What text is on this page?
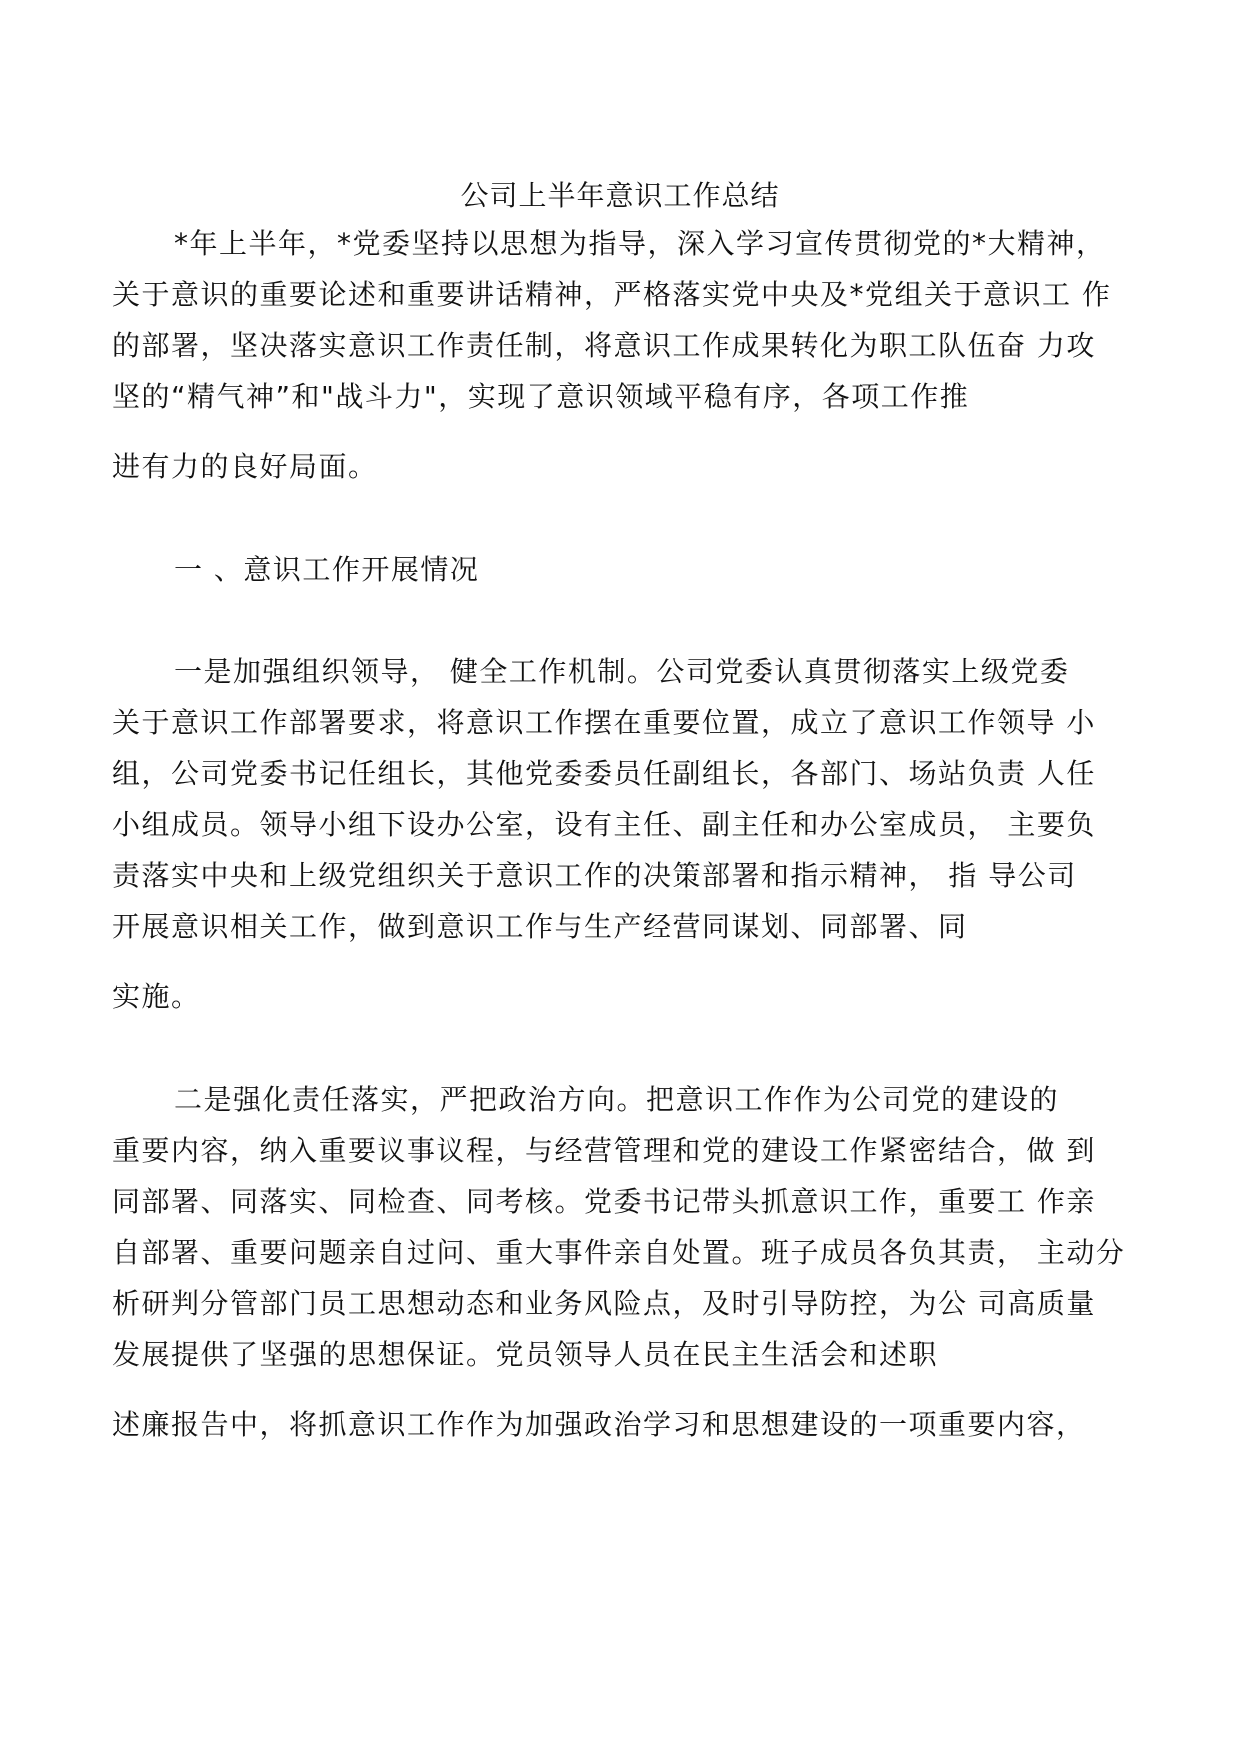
公司上半年意识工作总结
*年上半年，*党委坚持以思想为指导，深入学习宣传贯彻党的*大精神，
关于意识的重要论述和重要讲话精神，严格落实党中央及*党组关于意识工 作
的部署，坚决落实意识工作责任制，将意识工作成果转化为职工队伍奋 力攻
坚的“精气神”和"战斗力"，实现了意识领域平稳有序，各项工作推
进有力的良好局面。
一 、意识工作开展情况
一是加强组织领导， 健全工作机制。公司党委认真贯彻落实上级党委
关于意识工作部署要求，将意识工作摆在重要位置，成立了意识工作领导 小
组，公司党委书记任组长，其他党委委员任副组长，各部门、场站负责 人任
小组成员。领导小组下设办公室，设有主任、副主任和办公室成员， 主要负
责落实中央和上级党组织关于意识工作的决策部署和指示精神， 指 导公司
开展意识相关工作，做到意识工作与生产经营同谋划、同部署、同
实施。
二是强化责任落实，严把政治方向。把意识工作作为公司党的建设的
重要内容，纳入重要议事议程，与经营管理和党的建设工作紧密结合，做 到
同部署、同落实、同检查、同考核。党委书记带头抓意识工作，重要工 作亲
自部署、重要问题亲自过问、重大事件亲自处置。班子成员各负其责， 主动分
析研判分管部门员工思想动态和业务风险点，及时引导防控，为公 司高质量
发展提供了坚强的思想保证。党员领导人员在民主生活会和述职
述廉报告中，将抓意识工作作为加强政治学习和思想建设的一项重要内容，
